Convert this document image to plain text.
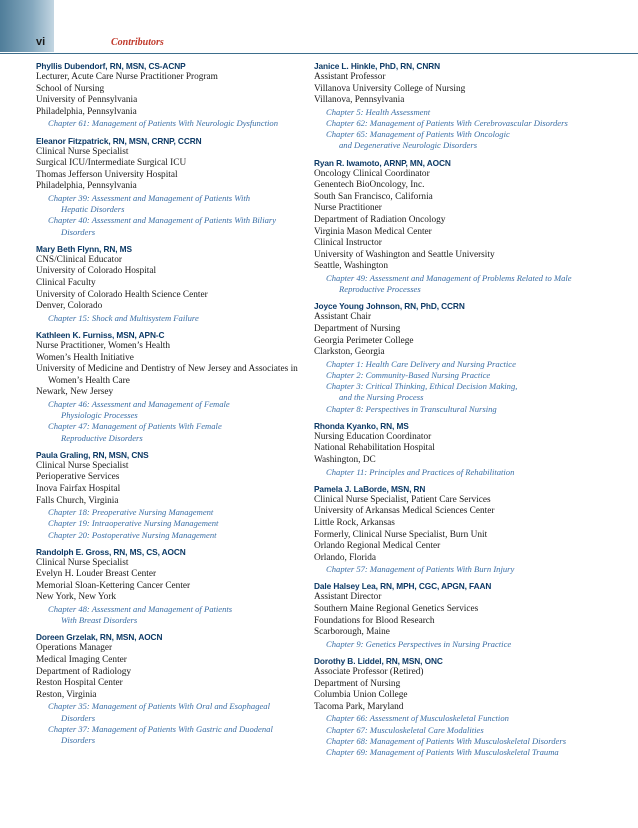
vi	Contributors
Phyllis Dubendorf, RN, MSN, CS-ACNP
Lecturer, Acute Care Nurse Practitioner Program
School of Nursing
University of Pennsylvania
Philadelphia, Pennsylvania
Chapter 61: Management of Patients With Neurologic Dysfunction
Eleanor Fitzpatrick, RN, MSN, CRNP, CCRN
Clinical Nurse Specialist
Surgical ICU/Intermediate Surgical ICU
Thomas Jefferson University Hospital
Philadelphia, Pennsylvania
Chapter 39: Assessment and Management of Patients With
Hepatic Disorders
Chapter 40: Assessment and Management of Patients With Biliary
Disorders
Mary Beth Flynn, RN, MS
CNS/Clinical Educator
University of Colorado Hospital
Clinical Faculty
University of Colorado Health Science Center
Denver, Colorado
Chapter 15: Shock and Multisystem Failure
Kathleen K. Furniss, MSN, APN-C
Nurse Practitioner, Women’s Health
Women’s Health Initiative
University of Medicine and Dentistry of New Jersey and Associates in
Women’s Health Care
Newark, New Jersey
Chapter 46: Assessment and Management of Female
Physiologic Processes
Chapter 47: Management of Patients With Female
Reproductive Disorders
Paula Graling, RN, MSN, CNS
Clinical Nurse Specialist
Perioperative Services
Inova Fairfax Hospital
Falls Church, Virginia
Chapter 18: Preoperative Nursing Management
Chapter 19: Intraoperative Nursing Management
Chapter 20: Postoperative Nursing Management
Randolph E. Gross, RN, MS, CS, AOCN
Clinical Nurse Specialist
Evelyn H. Louder Breast Center
Memorial Sloan-Kettering Cancer Center
New York, New York
Chapter 48: Assessment and Management of Patients
With Breast Disorders
Doreen Grzelak, RN, MSN, AOCN
Operations Manager
Medical Imaging Center
Department of Radiology
Reston Hospital Center
Reston, Virginia
Chapter 35: Management of Patients With Oral and Esophageal
Disorders
Chapter 37: Management of Patients With Gastric and Duodenal
Disorders
Janice L. Hinkle, PhD, RN, CNRN
Assistant Professor
Villanova University College of Nursing
Villanova, Pennsylvania
Chapter 5: Health Assessment
Chapter 62: Management of Patients With Cerebrovascular Disorders
Chapter 65: Management of Patients With Oncologic
and Degenerative Neurologic Disorders
Ryan R. Iwamoto, ARNP, MN, AOCN
Oncology Clinical Coordinator
Genentech BioOncology, Inc.
South San Francisco, California
Nurse Practitioner
Department of Radiation Oncology
Virginia Mason Medical Center
Clinical Instructor
University of Washington and Seattle University
Seattle, Washington
Chapter 49: Assessment and Management of Problems Related to Male
Reproductive Processes
Joyce Young Johnson, RN, PhD, CCRN
Assistant Chair
Department of Nursing
Georgia Perimeter College
Clarkston, Georgia
Chapter 1: Health Care Delivery and Nursing Practice
Chapter 2: Community-Based Nursing Practice
Chapter 3: Critical Thinking, Ethical Decision Making,
and the Nursing Process
Chapter 8: Perspectives in Transcultural Nursing
Rhonda Kyanko, RN, MS
Nursing Education Coordinator
National Rehabilitation Hospital
Washington, DC
Chapter 11: Principles and Practices of Rehabilitation
Pamela J. LaBorde, MSN, RN
Clinical Nurse Specialist, Patient Care Services
University of Arkansas Medical Sciences Center
Little Rock, Arkansas
Formerly, Clinical Nurse Specialist, Burn Unit
Orlando Regional Medical Center
Orlando, Florida
Chapter 57: Management of Patients With Burn Injury
Dale Halsey Lea, RN, MPH, CGC, APGN, FAAN
Assistant Director
Southern Maine Regional Genetics Services
Foundations for Blood Research
Scarborough, Maine
Chapter 9: Genetics Perspectives in Nursing Practice
Dorothy B. Liddel, RN, MSN, ONC
Associate Professor (Retired)
Department of Nursing
Columbia Union College
Tacoma Park, Maryland
Chapter 66: Assessment of Musculoskeletal Function
Chapter 67: Musculoskeletal Care Modalities
Chapter 68: Management of Patients With Musculoskeletal Disorders
Chapter 69: Management of Patients With Musculoskeletal Trauma
